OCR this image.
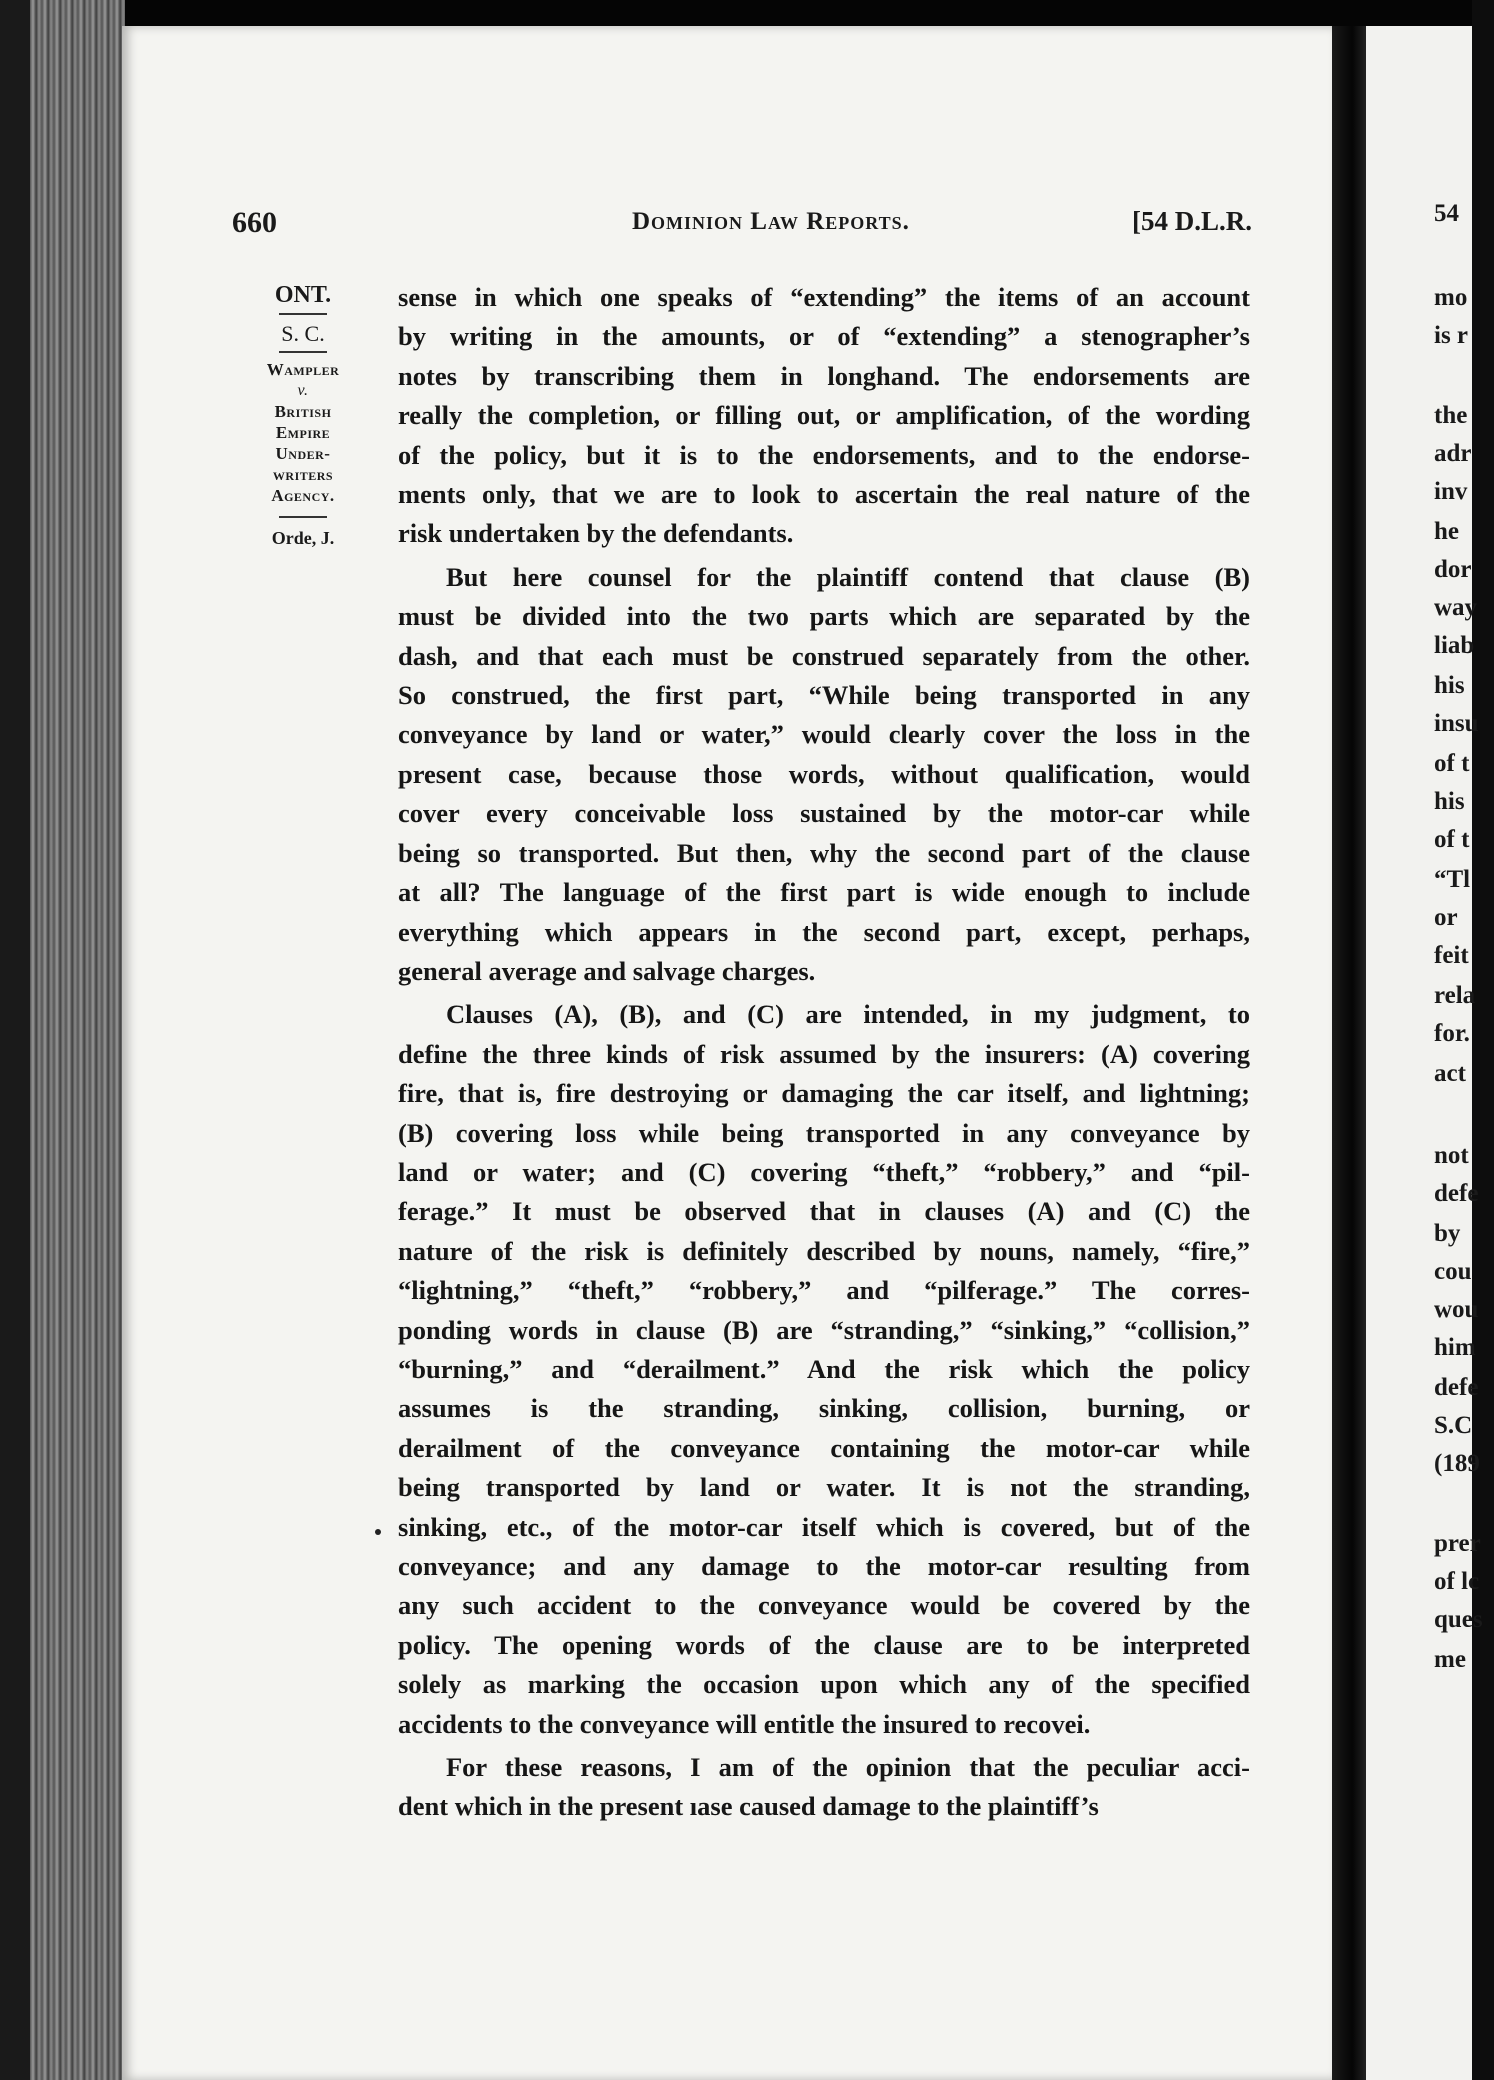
660	Dominion Law Reports.	[54 D.L.R.
ONT.
S. C.
Wampler
v.
British
Empire
Under-
writers
Agency.
Orde, J.
sense in which one speaks of “extending” the items of an account
by writing in the amounts, or of “extending” a stenographer’s
notes by transcribing them in longhand. The endorsements are
really the completion, or filling out, or amplification, of the wording
of the policy, but it is to the endorsements, and to the endorse-
ments only, that we are to look to ascertain the real nature of the
risk undertaken by the defendants.
But here counsel for the plaintiff contend that clause (B)
must be divided into the two parts which are separated by the
dash, and that each must be construed separately from the other.
So construed, the first part, “While being transported in any
conveyance by land or water,” would clearly cover the loss in the
present case, because those words, without qualification, would
cover every conceivable loss sustained by the motor-car while
being so transported. But then, why the second part of the clause
at all? The language of the first part is wide enough to include
everything which appears in the second part, except, perhaps,
general average and salvage charges.
Clauses (A), (B), and (C) are intended, in my judgment, to
define the three kinds of risk assumed by the insurers: (A) covering
fire, that is, fire destroying or damaging the car itself, and lightning;
(B) covering loss while being transported in any conveyance by
land or water; and (C) covering “theft,” “robbery,” and “pil-
ferage.” It must be observed that in clauses (A) and (C) the
nature of the risk is definitely described by nouns, namely, “fire,”
“lightning,” “theft,” “robbery,” and “pilferage.” The corres-
ponding words in clause (B) are “stranding,” “sinking,” “collision,”
“burning,” and “derailment.” And the risk which the policy
assumes is the stranding, sinking, collision, burning, or
derailment of the conveyance containing the motor-car while
being transported by land or water. It is not the stranding,
sinking, etc., of the motor-car itself which is covered, but of the
conveyance; and any damage to the motor-car resulting from
any such accident to the conveyance would be covered by the
policy. The opening words of the clause are to be interpreted
solely as marking the occasion upon which any of the specified
accidents to the conveyance will entitle the insured to recovei.
For these reasons, I am of the opinion that the peculiar acci-
dent which in the present ıase caused damage to the plaintiff’s
54
mo
is r
the
adr
inv
he
dor
way
liab
his
insu
of t
his
of t
“Tl
or
feit
rela
for.
act
not
defe
by
cou
wou
him
defe
S.C
(189
prer
of lc
ques
me
